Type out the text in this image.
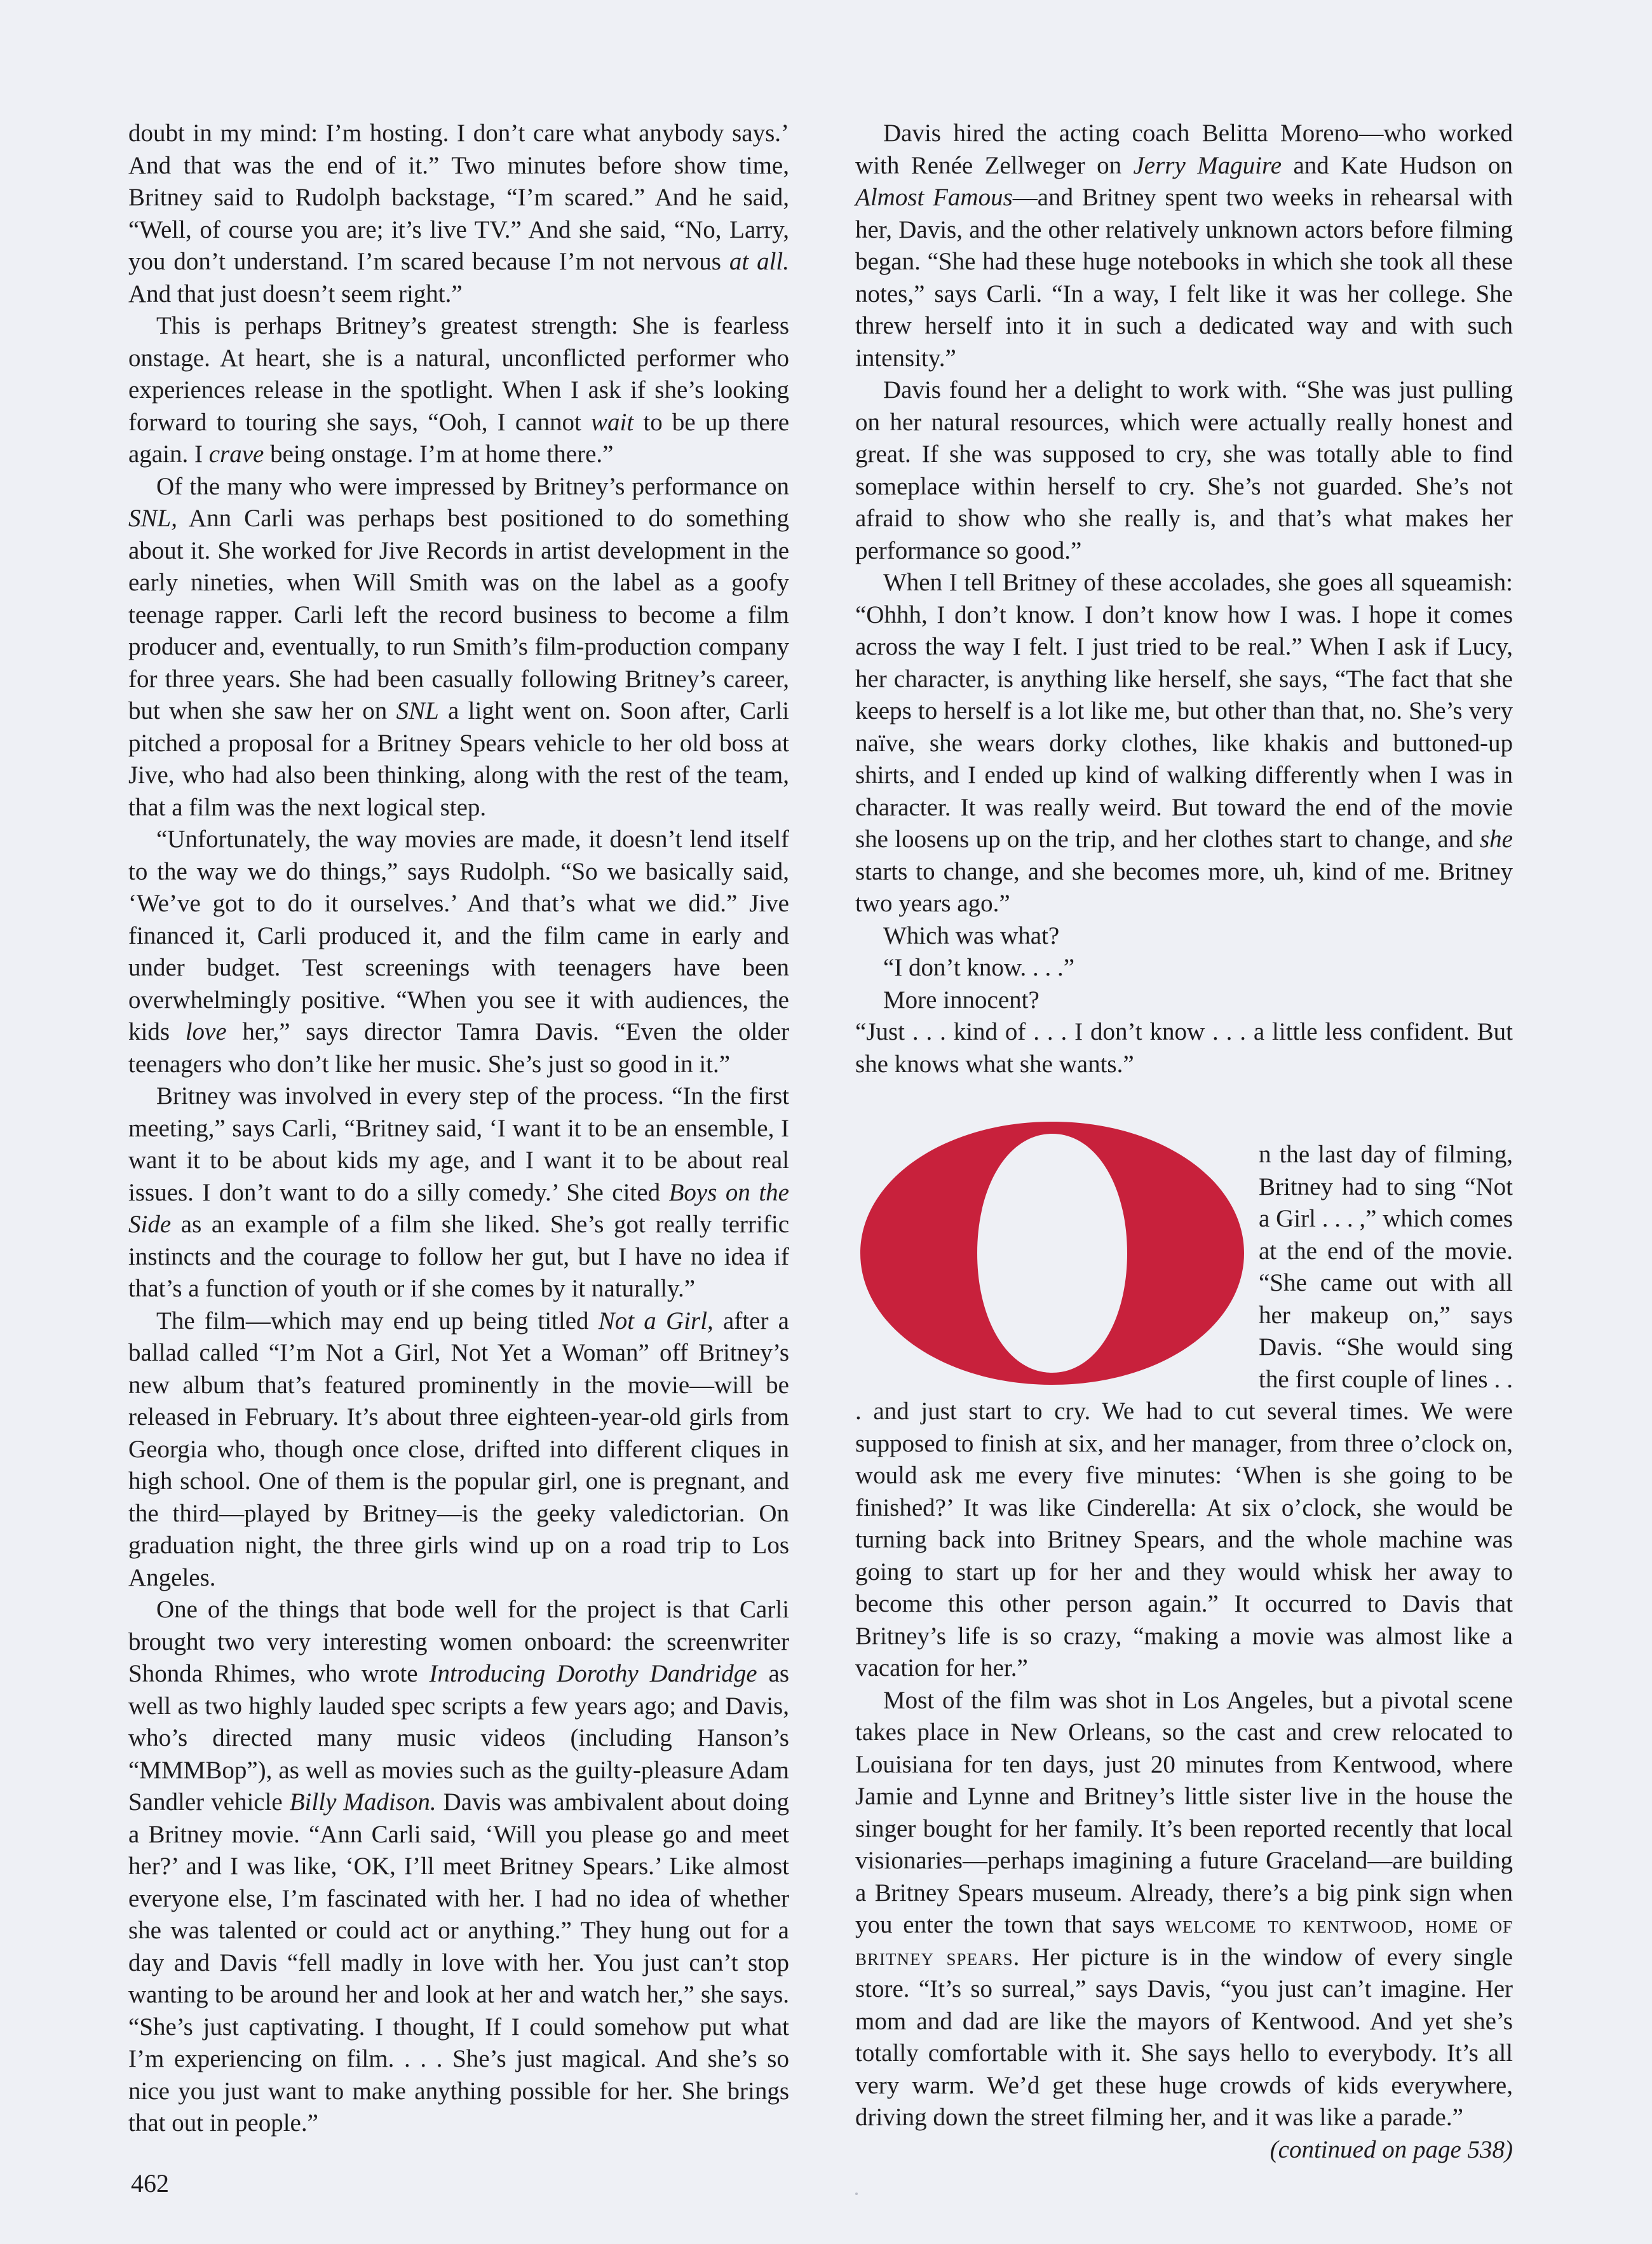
doubt in my mind: I’m hosting. I don’t care what anybody says.’ And that was the end of it.” Two minutes before show time, Britney said to Rudolph backstage, “I’m scared.” And he said, “Well, of course you are; it’s live TV.” And she said, “No, Larry, you don’t understand. I’m scared because I’m not nervous at all. And that just doesn’t seem right.”

This is perhaps Britney’s greatest strength: She is fearless onstage. At heart, she is a natural, unconflicted performer who experiences release in the spotlight. When I ask if she’s looking forward to touring she says, “Ooh, I cannot wait to be up there again. I crave being onstage. I’m at home there.”

Of the many who were impressed by Britney’s performance on SNL, Ann Carli was perhaps best positioned to do something about it. She worked for Jive Records in artist development in the early nineties, when Will Smith was on the label as a goofy teenage rapper. Carli left the record business to become a film producer and, eventually, to run Smith’s film-production company for three years. She had been casually following Britney’s career, but when she saw her on SNL a light went on. Soon after, Carli pitched a proposal for a Britney Spears vehicle to her old boss at Jive, who had also been thinking, along with the rest of the team, that a film was the next logical step.

“Unfortunately, the way movies are made, it doesn’t lend itself to the way we do things,” says Rudolph. “So we basically said, ‘We’ve got to do it ourselves.’ And that’s what we did.” Jive financed it, Carli produced it, and the film came in early and under budget. Test screenings with teenagers have been overwhelmingly positive. “When you see it with audiences, the kids love her,” says director Tamra Davis. “Even the older teenagers who don’t like her music. She’s just so good in it.”

Britney was involved in every step of the process. “In the first meeting,” says Carli, “Britney said, ‘I want it to be an ensemble, I want it to be about kids my age, and I want it to be about real issues. I don’t want to do a silly comedy.’ She cited Boys on the Side as an example of a film she liked. She’s got really terrific instincts and the courage to follow her gut, but I have no idea if that’s a function of youth or if she comes by it naturally.”

The film—which may end up being titled Not a Girl, after a ballad called “I’m Not a Girl, Not Yet a Woman” off Britney’s new album that’s featured prominently in the movie—will be released in February. It’s about three eighteen-year-old girls from Georgia who, though once close, drifted into different cliques in high school. One of them is the popular girl, one is pregnant, and the third—played by Britney—is the geeky valedictorian. On graduation night, the three girls wind up on a road trip to Los Angeles.

One of the things that bode well for the project is that Carli brought two very interesting women onboard: the screenwriter Shonda Rhimes, who wrote Introducing Dorothy Dandridge as well as two highly lauded spec scripts a few years ago; and Davis, who’s directed many music videos (including Hanson’s “MMMBop”), as well as movies such as the guilty-pleasure Adam Sandler vehicle Billy Madison. Davis was ambivalent about doing a Britney movie. “Ann Carli said, ‘Will you please go and meet her?’ and I was like, ‘OK, I’ll meet Britney Spears.’ Like almost everyone else, I’m fascinated with her. I had no idea of whether she was talented or could act or anything.” They hung out for a day and Davis “fell madly in love with her. You just can’t stop wanting to be around her and look at her and watch her,” she says. “She’s just captivating. I thought, If I could somehow put what I’m experiencing on film. . . . She’s just magical. And she’s so nice you just want to make anything possible for her. She brings that out in people.”

Davis hired the acting coach Belitta Moreno—who worked with Renée Zellweger on Jerry Maguire and Kate Hudson on Almost Famous—and Britney spent two weeks in rehearsal with her, Davis, and the other relatively unknown actors before filming began. “She had these huge notebooks in which she took all these notes,” says Carli. “In a way, I felt like it was her college. She threw herself into it in such a dedicated way and with such intensity.”

Davis found her a delight to work with. “She was just pulling on her natural resources, which were actually really honest and great. If she was supposed to cry, she was totally able to find someplace within herself to cry. She’s not guarded. She’s not afraid to show who she really is, and that’s what makes her performance so good.”

When I tell Britney of these accolades, she goes all squeamish: “Ohhh, I don’t know. I don’t know how I was. I hope it comes across the way I felt. I just tried to be real.” When I ask if Lucy, her character, is anything like herself, she says, “The fact that she keeps to herself is a lot like me, but other than that, no. She’s very naïve, she wears dorky clothes, like khakis and buttoned-up shirts, and I ended up kind of walking differently when I was in character. It was really weird. But toward the end of the movie she loosens up on the trip, and her clothes start to change, and she starts to change, and she becomes more, uh, kind of me. Britney two years ago.”

Which was what?

“I don’t know. . . .”

More innocent?

“Just . . . kind of . . . I don’t know . . . a little less confident. But she knows what she wants.”

n the last day of filming, Britney had to sing “Not a Girl . . . ,” which comes at the end of the movie. “She came out with all her makeup on,” says Davis. “She would sing the first couple of lines . . . and just start to cry. We had to cut several times. We were supposed to finish at six, and her manager, from three o’clock on, would ask me every five minutes: ‘When is she going to be finished?’ It was like Cinderella: At six o’clock, she would be turning back into Britney Spears, and the whole machine was going to start up for her and they would whisk her away to become this other person again.” It occurred to Davis that Britney’s life is so crazy, “making a movie was almost like a vacation for her.”

Most of the film was shot in Los Angeles, but a pivotal scene takes place in New Orleans, so the cast and crew relocated to Louisiana for ten days, just 20 minutes from Kentwood, where Jamie and Lynne and Britney’s little sister live in the house the singer bought for her family. It’s been reported recently that local visionaries—perhaps imagining a future Graceland—are building a Britney Spears museum. Already, there’s a big pink sign when you enter the town that says welcome to kentwood, home of britney spears. Her picture is in the window of every single store. “It’s so surreal,” says Davis, “you just can’t imagine. Her mom and dad are like the mayors of Kentwood. And yet she’s totally comfortable with it. She says hello to everybody. It’s all very warm. We’d get these huge crowds of kids everywhere, driving down the street filming her, and it was like a parade.”
(continued on page 538)

462
